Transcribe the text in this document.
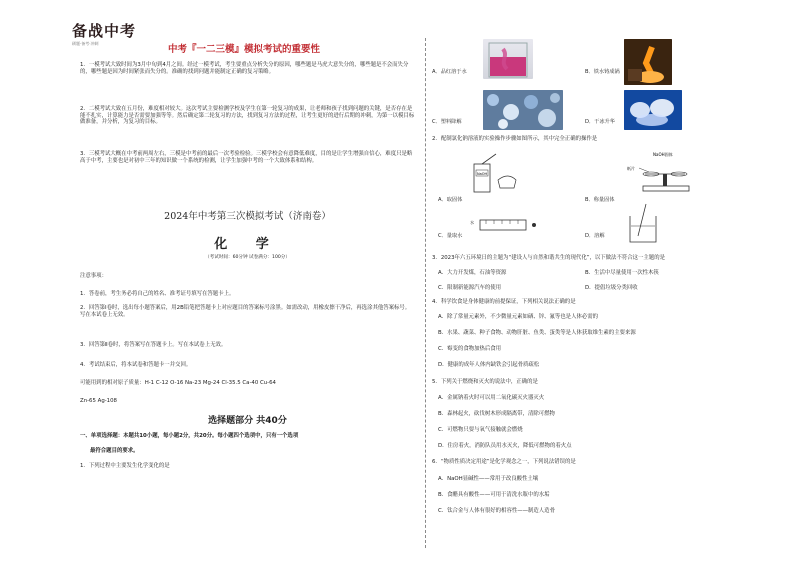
备战中考
刷题·备考·冲刺
中考『一二三模』模拟考试的重要性
1．一模考试大致时间为3月中旬到4月之间。经过一模考试，考生要重点分析失分的原因，哪些题是马虎大意失分的，哪些题是不会而失分的，哪些题是因为时间紧张而失分的。准确的找到问题并能制定正确的复习策略。
2．二模考试大致在五月份，难度相对较大。这次考试主要检测学校及学生在第一轮复习的成果，让老师和孩子找到问题的关键，是否存在是能不扎实，计算能力是否需要加强等等。然后确定第二轮复习的方法，找到复习方法的过程，让考生更好的进行后期的冲刺，为第一以模目标做准备，并分析，为复习的目标。
3．三模考试大概在中考前两周左右，三模是中考前的最后一次考验检验。三模学校会有意降低难度，目的是让学生增强自信心，难度只是略高于中考，主要也是对初中三年的知识做一个系统的检测，让学生加强中考的一个大致体系和结构。
2024年中考第三次模拟考试（济南卷）
化 学
（考试时间：60分钟 试卷满分：100分）
注意事项：
1．答卷前，考生务必将自己的姓名、准考证号填写在答题卡上。
2．回答第Ⅰ卷时，选出每小题答案后，用2B铅笔把答题卡上对应题目的答案标号涂黑。如需改动，用橡皮擦干净后，再选涂其他答案标号。写在本试卷上无效。
3．回答第Ⅱ卷时，将答案写在答题卡上。写在本试卷上无效。
4．考试结束后，将本试卷和答题卡一并交回。
可能用到的相对原子质量：H-1 C-12 O-16 Na-23 Mg-24 Cl-35.5 Ca-40 Cu-64
Zn-65 Ag-108
选择题部分 共40分
一、单项选择题：本题共10小题，每小题2分，共20分。每小题四个选项中，只有一个选项
最符合题目的要求。
1．下列过程中主要发生化学变化的是
A．品红溶于水	B．铁水铸成锅
C．塑料降解	D．干冰升华
2．配制氯化钠溶液的实验操作步骤如图所示，其中完全正确的操作是
A．取固体
NaOH
B．称量固体
NaOH固体
纸片
C．量取水
水
D．溶解
3．2023年六五环境日的主题为“建设人与自然和谐共生的现代化”，以下做法不符合这一主题的是
A．大力开发煤，石油等资源	B．生活中尽量使用一次性木筷
C．限制新能源汽车的使用	D．提倡垃圾分类回收
4．科学饮食是身体健康的前提保证，下列相关说法正确的是
A．除了常量元素外，不少微量元素如硒、锌、氟等也是人体必需的
B．水果、蔬菜、种子食物、动物肝脏、鱼类、蛋类等是人体获取维生素的主要来源
C．霉变的食物加热后食用
D．健康的成年人体内缺铁会引起骨质疏松
5．下列关于燃烧和灭火的说法中，正确的是
A．金属钠着火时可以用二氧化碳灭火器灭火
B．森林起火，砍伐树木形成隔离带，清除可燃物
C．可燃物只要与氧气接触就会燃烧
D．住房着火，消防队员用水灭火，降低可燃物的着火点
6．“物质性质决定用途”是化学观念之一，下列说法错误的是
A．NaOH显碱性——常用于改良酸性土壤
B．食醋具有酸性——可用于清洗水瓶中的水垢
C．钛合金与人体有很好的相容性——制造人造骨
